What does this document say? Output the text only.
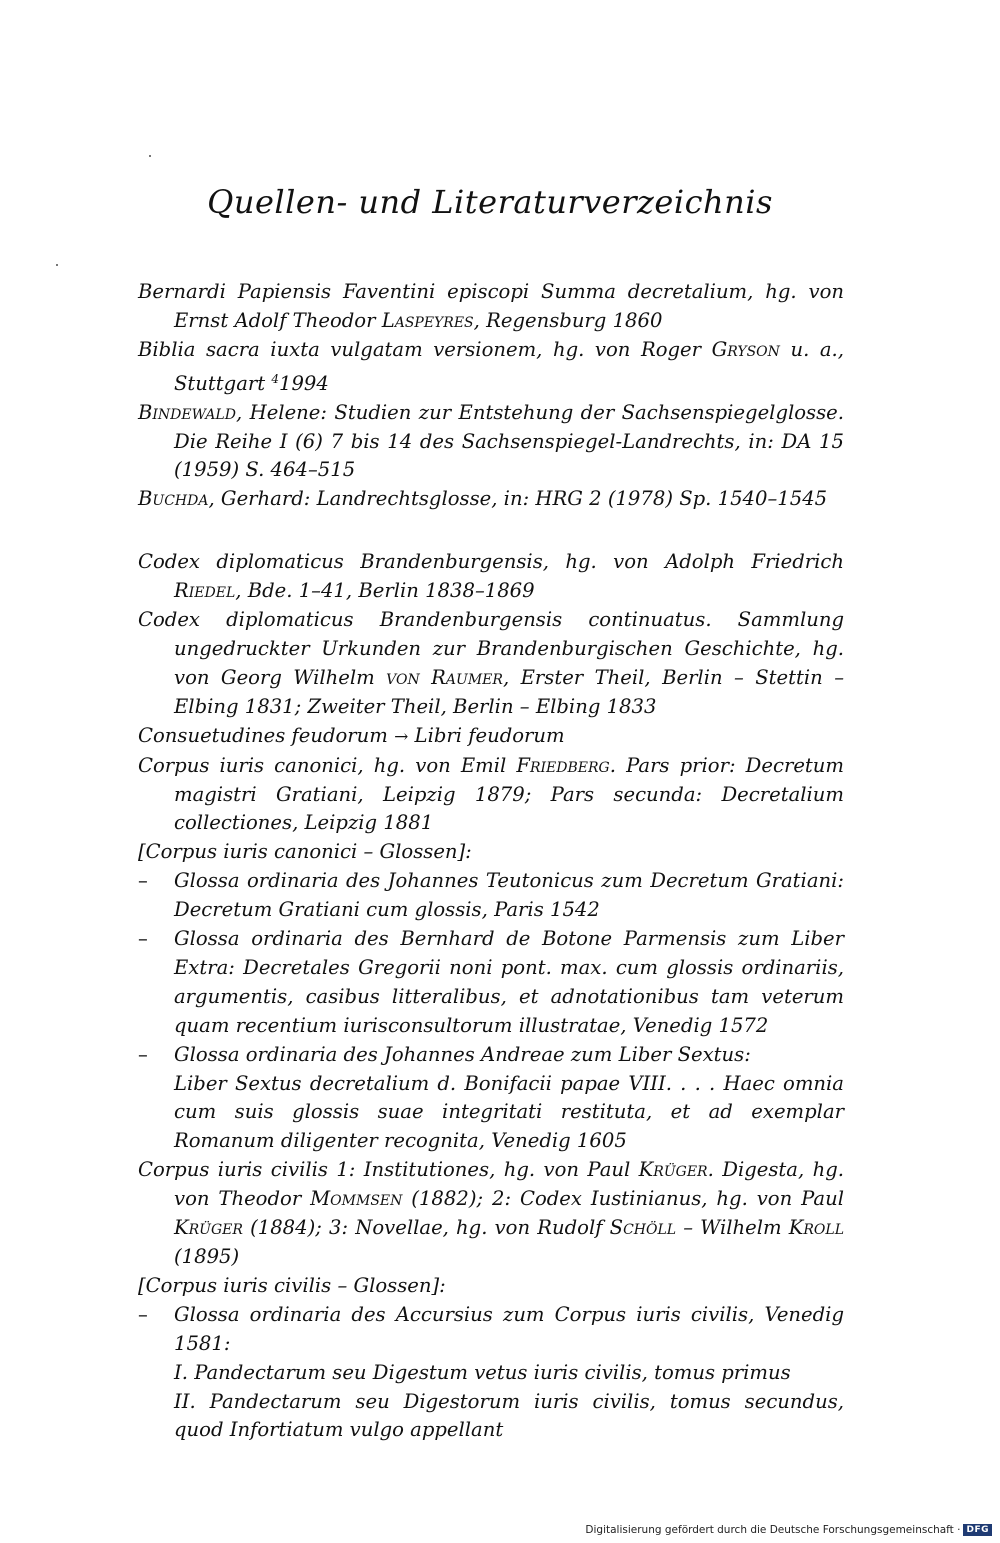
Quellen- und Literaturverzeichnis
Bernardi Papiensis Faventini episcopi Summa decretalium, hg. von Ernst Adolf Theodor Laspeyres, Regensburg 1860
Biblia sacra iuxta vulgatam versionem, hg. von Roger Gryson u. a., Stuttgart $^4$1994
Bindewald, Helene: Studien zur Entstehung der Sachsenspiegelglosse. Die Reihe I (6) 7 bis 14 des Sachsenspiegel-Landrechts, in: DA 15 (1959) S. 464–515
Buchda, Gerhard: Landrechtsglosse, in: HRG 2 (1978) Sp. 1540–1545
Codex diplomaticus Brandenburgensis, hg. von Adolph Friedrich Riedel, Bde. 1–41, Berlin 1838–1869
Codex diplomaticus Brandenburgensis continuatus. Sammlung ungedruckter Urkunden zur Brandenburgischen Geschichte, hg. von Georg Wilhelm von Raumer, Erster Theil, Berlin – Stettin – Elbing 1831; Zweiter Theil, Berlin – Elbing 1833
Consuetudines feudorum → Libri feudorum
Corpus iuris canonici, hg. von Emil Friedberg. Pars prior: Decretum magistri Gratiani, Leipzig 1879; Pars secunda: Decretalium collectiones, Leipzig 1881
[Corpus iuris canonici – Glossen]:
–	Glossa ordinaria des Johannes Teutonicus zum Decretum Gratiani: Decretum Gratiani cum glossis, Paris 1542
–	Glossa ordinaria des Bernhard de Botone Parmensis zum Liber Extra: Decretales Gregorii noni pont. max. cum glossis ordinariis, argumentis, casibus litteralibus, et adnotationibus tam veterum quam recentium iurisconsultorum illustratae, Venedig 1572
–	Glossa ordinaria des Johannes Andreae zum Liber Sextus:
Liber Sextus decretalium d. Bonifacii papae VIII. . . . Haec omnia cum suis glossis suae integritati restituta, et ad exemplar Romanum diligenter recognita, Venedig 1605
Corpus iuris civilis 1: Institutiones, hg. von Paul Krüger. Digesta, hg. von Theodor Mommsen (1882); 2: Codex Iustinianus, hg. von Paul Krüger (1884); 3: Novellae, hg. von Rudolf Schöll – Wilhelm Kroll (1895)
[Corpus iuris civilis – Glossen]:
–	Glossa ordinaria des Accursius zum Corpus iuris civilis, Venedig 1581:
I. Pandectarum seu Digestum vetus iuris civilis, tomus primus
II. Pandectarum seu Digestorum iuris civilis, tomus secundus, quod Infortiatum vulgo appellant
Digitalisierung gefördert durch die Deutsche Forschungsgemeinschaft · DFG
